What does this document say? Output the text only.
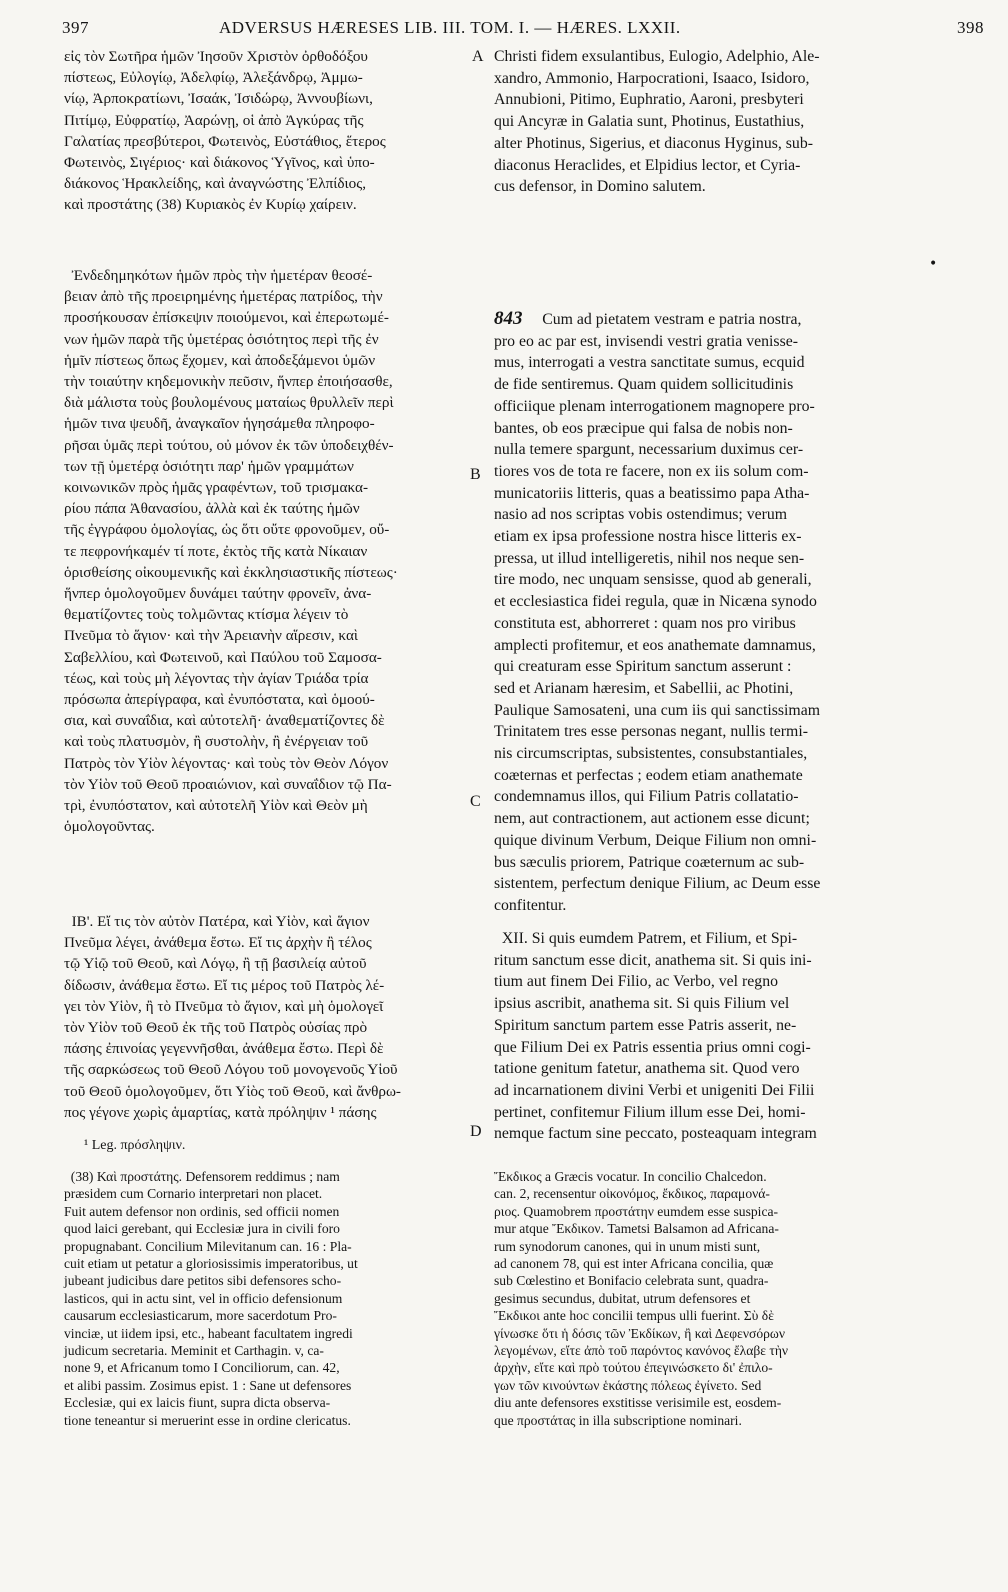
397	ADVERSUS HÆRESES LIB. III. TOM. I. — HÆRES. LXXII.	398
εἰς τὸν Σωτῆρα ἡμῶν Ἰησοῦν Χριστὸν ὀρθοδόξου
πίστεως, Εὐλογίῳ, Ἀδελφίῳ, Ἀλεξάνδρῳ, Ἀμμω-
νίῳ, Ἀρποκρατίωνι, Ἰσαάκ, Ἰσιδώρῳ, Ἀννουβίωνι,
Πιτίμῳ, Εὐφρατίῳ, Ἀαρώνῃ, οἱ ἀπὸ Ἀγκύρας τῆς
Γαλατίας πρεσβύτεροι, Φωτεινὸς, Εὐστάθιος, ἕτερος
Φωτεινὸς, Σιγέριος· καὶ διάκονος Ὑγῖνος, καὶ ὑπο-
διάκονος Ἡρακλείδης, καὶ ἀναγνώστης Ἐλπίδιος,
καὶ προστάτης (38) Κυριακὸς ἐν Κυρίῳ χαίρειν.
Ἐνδεδημηκότων ἡμῶν πρὸς τὴν ἡμετέραν θεοσέ-
βειαν ἀπὸ τῆς προειρημένης ἡμετέρας πατρίδος, τὴν
προσήκουσαν ἐπίσκεψιν ποιούμενοι, καὶ ἐπερωτωμέ-
νων ἡμῶν παρὰ τῆς ὑμετέρας ὁσιότητος περὶ τῆς ἐν
ἡμῖν πίστεως ὅπως ἔχομεν, καὶ ἀποδεξάμενοι ὑμῶν
τὴν τοιαύτην κηδεμονικὴν πεῦσιν, ἥνπερ ἐποιήσασθε,
διὰ μάλιστα τοὺς βουλομένους ματαίως θρυλλεῖν περὶ
ἡμῶν τινα ψευδῆ, ἀναγκαῖον ἡγησάμεθα πληροφο-
ρῆσαι ὑμᾶς περὶ τούτου, οὐ μόνον ἐκ τῶν ὑποδειχθέν-
των τῇ ὑμετέρᾳ ὁσιότητι παρ' ἡμῶν γραμμάτων
κοινωνικῶν πρὸς ἡμᾶς γραφέντων, τοῦ τρισμακα-
ρίου πάπα Ἀθανασίου, ἀλλὰ καὶ ἐκ ταύτης ἡμῶν
τῆς ἐγγράφου ὁμολογίας, ὡς ὅτι οὔτε φρονοῦμεν, οὔ-
τε πεφρονήκαμέν τί ποτε, ἐκτὸς τῆς κατὰ Νίκαιαν
ὁρισθείσης οἰκουμενικῆς καὶ ἐκκλησιαστικῆς πίστεως·
ἥνπερ ὁμολογοῦμεν δυνάμει ταύτην φρονεῖν, ἀνα-
θεματίζοντες τοὺς τολμῶντας κτίσμα λέγειν τὸ
Πνεῦμα τὸ ἅγιον· καὶ τὴν Ἀρειανὴν αἵρεσιν, καὶ
Σαβελλίου, καὶ Φωτεινοῦ, καὶ Παύλου τοῦ Σαμοσα-
τέως, καὶ τοὺς μὴ λέγοντας τὴν ἁγίαν Τριάδα τρία
πρόσωπα ἀπερίγραφα, καὶ ἐνυπόστατα, καὶ ὁμοού-
σια, καὶ συναΐδια, καὶ αὐτοτελῆ· ἀναθεματίζοντες δὲ
καὶ τοὺς πλατυσμὸν, ἢ συστολὴν, ἢ ἐνέργειαν τοῦ
Πατρὸς τὸν Υἱὸν λέγοντας· καὶ τοὺς τὸν Θεὸν Λόγον
τὸν Υἱὸν τοῦ Θεοῦ προαιώνιον, καὶ συναΐδιον τῷ Πα-
τρὶ, ἐνυπόστατον, καὶ αὐτοτελῆ Υἱὸν καὶ Θεὸν μὴ
ὁμολογοῦντας.
ΙΒ'. Εἴ τις τὸν αὐτὸν Πατέρα, καὶ Υἱὸν, καὶ ἅγιον
Πνεῦμα λέγει, ἀνάθεμα ἔστω. Εἴ τις ἀρχὴν ἢ τέλος
τῷ Υἱῷ τοῦ Θεοῦ, καὶ Λόγῳ, ἢ τῇ βασιλείᾳ αὐτοῦ
δίδωσιν, ἀνάθεμα ἔστω. Εἴ τις μέρος τοῦ Πατρὸς λέ-
γει τὸν Υἱὸν, ἢ τὸ Πνεῦμα τὸ ἅγιον, καὶ μὴ ὁμολογεῖ
τὸν Υἱὸν τοῦ Θεοῦ ἐκ τῆς τοῦ Πατρὸς οὐσίας πρὸ
πάσης ἐπινοίας γεγεννῆσθαι, ἀνάθεμα ἔστω. Περὶ δὲ
τῆς σαρκώσεως τοῦ Θεοῦ Λόγου τοῦ μονογενοῦς Υἱοῦ
τοῦ Θεοῦ ὁμολογοῦμεν, ὅτι Υἱὸς τοῦ Θεοῦ, καὶ ἄνθρω-
πος γέγονε χωρὶς ἁμαρτίας, κατὰ πρόληψιν ¹ πάσης
¹ Leg. πρόσληψιν.
Christi fidem exsulantibus, Eulogio, Adelphio, Ale-
xandro, Ammonio, Harpocrationi, Isaaco, Isidoro,
Annubioni, Pitimo, Euphratio, Aaroni, presbyteri
qui Ancyræ in Galatia sunt, Photinus, Eustathius,
alter Photinus, Sigerius, et diaconus Hyginus, sub-
diaconus Heraclides, et Elpidius lector, et Cyria-
cus defensor, in Domino salutem.
843     Cum ad pietatem vestram e patria nostra,
pro eo ac par est, invisendi vestri gratia venisse-
mus, interrogati a vestra sanctitate sumus, ecquid
de fide sentiremus. Quam quidem sollicitudinis
officiique plenam interrogationem magnopere pro-
bantes, ob eos præcipue qui falsa de nobis non-
nulla temere spargunt, necessarium duximus cer-
tiores vos de tota re facere, non ex iis solum com-
municatoriis litteris, quas a beatissimo papa Atha-
nasio ad nos scriptas vobis ostendimus; verum
etiam ex ipsa professione nostra hisce litteris ex-
pressa, ut illud intelligeretis, nihil nos neque sen-
tire modo, nec unquam sensisse, quod ab generali,
et ecclesiastica fidei regula, quæ in Nicæna synodo
constituta est, abhorreret : quam nos pro viribus
amplecti profitemur, et eos anathemate damnamus,
qui creaturam esse Spiritum sanctum asserunt :
sed et Arianam hæresim, et Sabellii, ac Photini,
Paulique Samosateni, una cum iis qui sanctissimam
Trinitatem tres esse personas negant, nullis termi-
nis circumscriptas, subsistentes, consubstantiales,
coæternas et perfectas ; eodem etiam anathemate
condemnamus illos, qui Filium Patris collatatio-
nem, aut contractionem, aut actionem esse dicunt;
quique divinum Verbum, Deique Filium non omni-
bus sæculis priorem, Patrique coæternum ac sub-
sistentem, perfectum denique Filium, ac Deum esse
confitentur.
XII. Si quis eumdem Patrem, et Filium, et Spi-
ritum sanctum esse dicit, anathema sit. Si quis ini-
tium aut finem Dei Filio, ac Verbo, vel regno
ipsius ascribit, anathema sit. Si quis Filium vel
Spiritum sanctum partem esse Patris asserit, ne-
que Filium Dei ex Patris essentia prius omni cogi-
tatione genitum fatetur, anathema sit. Quod vero
ad incarnationem divini Verbi et unigeniti Dei Filii
pertinet, confitemur Filium illum esse Dei, homi-
nemque factum sine peccato, posteaquam integram
A
B
C
D
•
(38) Καὶ προστάτης. Defensorem reddimus ; nam
præsidem cum Cornario interpretari non placet.
Fuit autem defensor non ordinis, sed officii nomen
quod laici gerebant, qui Ecclesiæ jura in civili foro
propugnabant. Concilium Milevitanum can. 16 : Pla-
cuit etiam ut petatur a gloriosissimis imperatoribus, ut
jubeant judicibus dare petitos sibi defensores scho-
lasticos, qui in actu sint, vel in officio defensionum
causarum ecclesiasticarum, more sacerdotum Pro-
vinciæ, ut iidem ipsi, etc., habeant facultatem ingredi
judicum secretaria. Meminit et Carthagin. v, ca-
none 9, et Africanum tomo I Conciliorum, can. 42,
et alibi passim. Zosimus epist. 1 : Sane ut defensores
Ecclesiæ, qui ex laicis fiunt, supra dicta observa-
tione teneantur si meruerint esse in ordine clericatus.
Ἔκδικος a Græcis vocatur. In concilio Chalcedon.
can. 2, recensentur οἰκονόμος, ἔκδικος, παραμονά-
ριος. Quamobrem προστάτην eumdem esse suspica-
mur atque Ἔκδικον. Tametsi Balsamon ad Africana-
rum synodorum canones, qui in unum misti sunt,
ad canonem 78, qui est inter Africana concilia, quæ
sub Cœlestino et Bonifacio celebrata sunt, quadra-
gesimus secundus, dubitat, utrum defensores et
Ἔκδικοι ante hoc concilii tempus ulli fuerint. Σὺ δὲ
γίνωσκε ὅτι ἡ δόσις τῶν Ἐκδίκων, ἢ καὶ Δεφενσόρων
λεγομένων, εἴτε ἀπὸ τοῦ παρόντος κανόνος ἔλαβε τὴν
ἀρχὴν, εἴτε καὶ πρὸ τούτου ἐπεγινώσκετο δι' ἐπιλο-
γων τῶν κινούντων ἑκάστης πόλεως ἐγίνετο. Sed
diu ante defensores exstitisse verisimile est, eosdem-
que προστάτας in illa subscriptione nominari.
